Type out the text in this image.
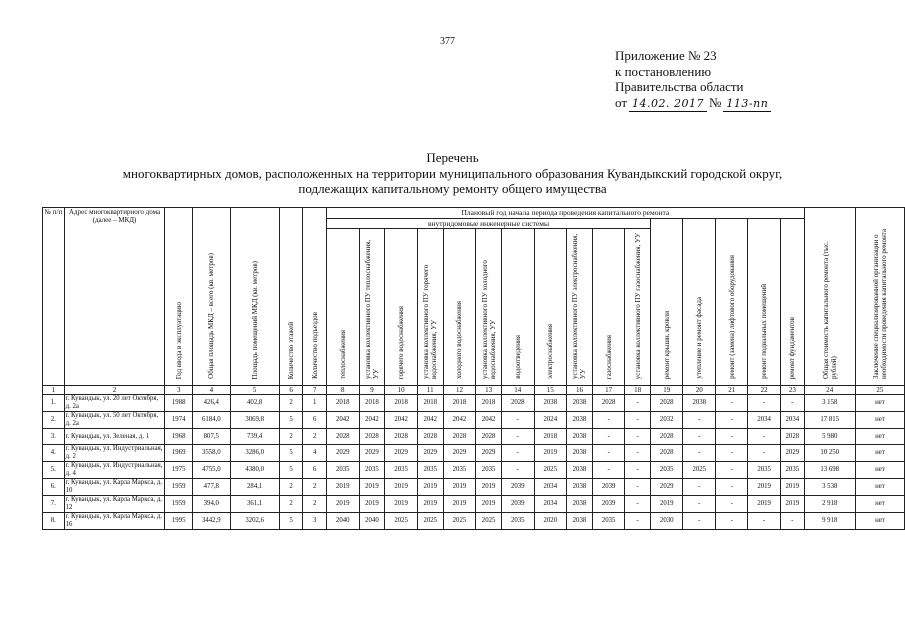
377
Приложение № 23
к постановлению
Правительства области
от 14.02. 2017 № 113-пп
Перечень
многоквартирных домов, расположенных на территории муниципального образования Кувандыкский городской округ,
подлежащих капитальному ремонту общего имущества
№ п/п	Адрес многоквартирного дома (далее – МКД)	Год ввода в эксплуатацию	Общая площадь МКД – всего (кв. метров)	Площадь помещений МКД (кв. метров)	Количество этажей	Количество подъездов	Плановый год начала периода проведения капитального ремонта																Общая стоимость капитального ремонта (тыс. рублей)	Заключение специализированной организации о необходимости проведения капитального ремонта
							внутридомовые инженерные системы											ремонт крыши, кровли	утепление и ремонт фасада	ремонт (замена) лифтового оборудования	ремонт подвальных помещений	ремонт фундаментов		
							теплоснабжения	установка коллективного ПУ теплоснабжения, УУ	горячего водоснабжения	установка коллективного ПУ горячего водоснабжения, УУ	холодного водоснабжения	установка коллективного ПУ холодного водоснабжения, УУ	водоотведения	электроснабжения	установка коллективного ПУ электроснабжения, УУ	газоснабжения	установка коллективного ПУ газоснабжения, УУ							
1	2	3	4	5	6	7	8	9	10	11	12	13	14	15	16	17	18	19	20	21	22	23	24	25
1.	г. Кувандык, ул. 20 лет Октября, д. 2а	1988	426,4	402,8	2	1	2018	2018	2018	2018	2018	2018	2028	2038	2038	2028	-	2028	2038	-	-	-	3 158	нет
2.	г. Кувандык, ул. 50 лет Октября, д. 2а	1974	6184,0	3069,8	5	6	2042	2042	2042	2042	2042	2042	-	2024	2038	-	-	2032	-	-	2034	2034	17 815	нет
3.	г. Кувандык, ул. Зеленая, д. 1	1968	807,5	739,4	2	2	2028	2028	2028	2028	2028	2028	-	2018	2038	-	-	2028	-	-	-	2028	5 980	нет
4.	г. Кувандык, ул. Индустриальная, д. 2	1969	3558,0	3286,0	5	4	2029	2029	2029	2029	2029	2029	-	2019	2038	-	-	2028	-	-	-	2029	10 250	нет
5.	г. Кувандык, ул. Индустриальная, д. 4	1975	4755,0	4380,0	5	6	2035	2035	2035	2035	2035	2035	-	2025	2038	-	-	2035	2025	-	2035	2035	13 698	нет
6.	г. Кувандык, ул. Карла Маркса, д. 10	1959	477,8	284,1	2	2	2019	2019	2019	2019	2019	2019	2039	2034	2038	2039	-	2029	-	-	2019	2019	3 538	нет
7.	г. Кувандык, ул. Карла Маркса, д. 12	1959	394,0	361,1	2	2	2019	2019	2019	2019	2019	2019	2039	2034	2038	2039	-	2019	-	-	2019	2019	2 918	нет
8.	г. Кувандык, ул. Карла Маркса, д. 16	1995	3442,9	3202,6	5	3	2040	2040	2025	2025	2025	2025	2035	2020	2038	2035	-	2030	-	-	-	-	9 918	нет
